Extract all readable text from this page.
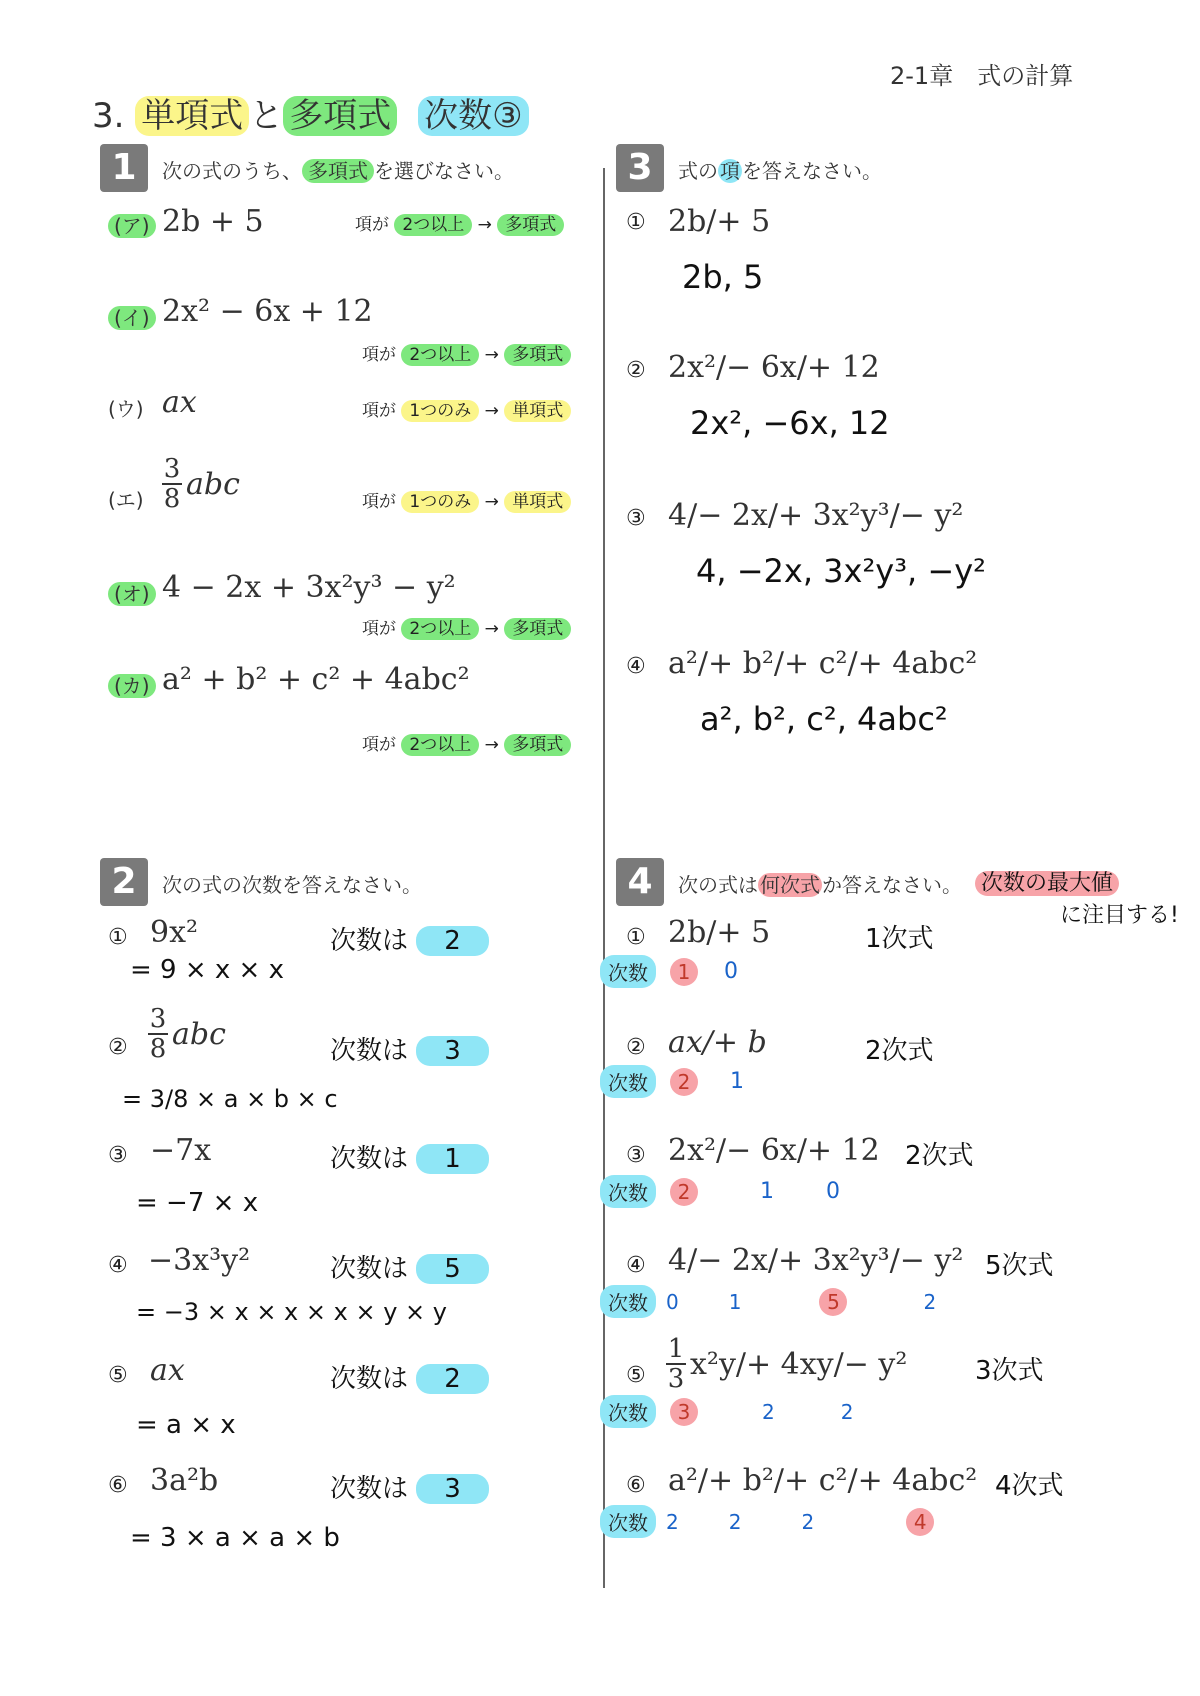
2-1章　式の計算
3. 単項式 と 多項式 次数③
1	次の式のうち、 多項式 を選びなさい。
(ア) 2b + 5	項が 2つ以上 → 多項式
(イ) 2x² − 6x + 12
項が 2つ以上 → 多項式
(ウ) ax	項が 1つのみ → 単項式
(エ)
3
8 abc
項が 1つのみ → 単項式
(オ) 4 − 2x + 3x²y³ − y²
項が 2つ以上 → 多項式
(カ) a² + b² + c² + 4abc²
項が 2つ以上 → 多項式
3	式の 項 を答えなさい。
① 2b/+ 5
2b, 5
② 2x²/− 6x/+ 12
2x², −6x, 12
③ 4/− 2x/+ 3x²y³/− y²
4, −2x, 3x²y³, −y²
④ a²/+ b²/+ c²/+ 4abc²
a², b², c², 4abc²
2	次の式の次数を答えなさい。
① 9x²	次数は 2
= 9 × x × x
②
3
8 abc	次数は 3
= 3/8 × a × b × c
③ −7x	次数は 1
= −7 × x
④ −3x³y²	次数は 5
= −3 × x × x × x × y × y
⑤ ax	次数は 2
= a × x
⑥ 3a²b	次数は 3
= 3 × a × a × b
4	次の式は 何次式 か答えなさい。 次数の最大値
に注目する!
① 2b/+ 5	1次式
次数	1	0
② ax/+ b	2次式
次数	2	1
③ 2x²/− 6x/+ 12 2次式
次数	2	1 0
④ 4/− 2x/+ 3x²y³/− y² 5次式
次数 0	1	5	2
⑤
1
3 x²y/+ 4xy/− y²	3次式
次数	3	2	2
⑥ a²/+ b²/+ c²/+ 4abc² 4次式
次数 2	2	2	4
